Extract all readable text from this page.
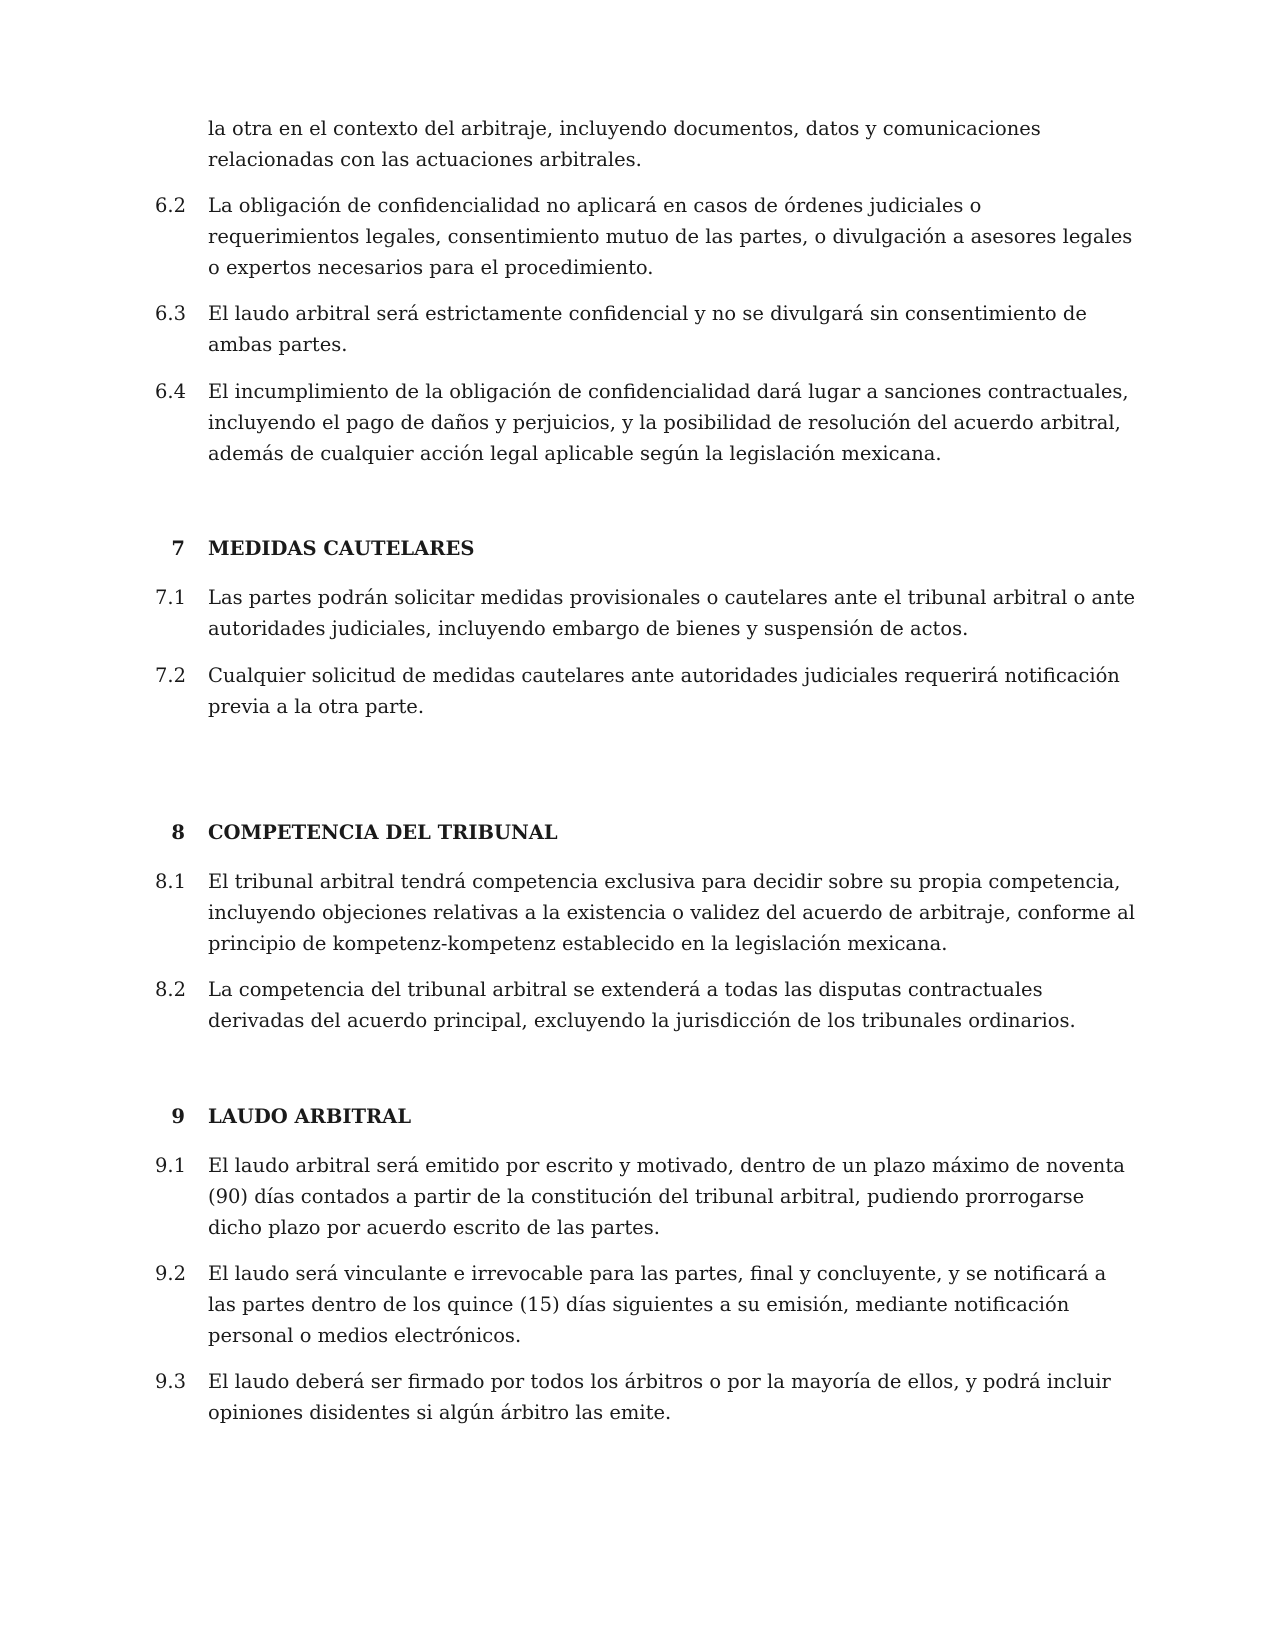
la otra en el contexto del arbitraje, incluyendo documentos, datos y comunicaciones relacionadas con las actuaciones arbitrales.
6.2 La obligación de confidencialidad no aplicará en casos de órdenes judiciales o requerimientos legales, consentimiento mutuo de las partes, o divulgación a asesores legales o expertos necesarios para el procedimiento.
6.3 El laudo arbitral será estrictamente confidencial y no se divulgará sin consentimiento de ambas partes.
6.4 El incumplimiento de la obligación de confidencialidad dará lugar a sanciones contractuales, incluyendo el pago de daños y perjuicios, y la posibilidad de resolución del acuerdo arbitral, además de cualquier acción legal aplicable según la legislación mexicana.
7 MEDIDAS CAUTELARES
7.1 Las partes podrán solicitar medidas provisionales o cautelares ante el tribunal arbitral o ante autoridades judiciales, incluyendo embargo de bienes y suspensión de actos.
7.2 Cualquier solicitud de medidas cautelares ante autoridades judiciales requerirá notificación previa a la otra parte.
8 COMPETENCIA DEL TRIBUNAL
8.1 El tribunal arbitral tendrá competencia exclusiva para decidir sobre su propia competencia, incluyendo objeciones relativas a la existencia o validez del acuerdo de arbitraje, conforme al principio de kompetenz-kompetenz establecido en la legislación mexicana.
8.2 La competencia del tribunal arbitral se extenderá a todas las disputas contractuales derivadas del acuerdo principal, excluyendo la jurisdicción de los tribunales ordinarios.
9 LAUDO ARBITRAL
9.1 El laudo arbitral será emitido por escrito y motivado, dentro de un plazo máximo de noventa (90) días contados a partir de la constitución del tribunal arbitral, pudiendo prorrogarse dicho plazo por acuerdo escrito de las partes.
9.2 El laudo será vinculante e irrevocable para las partes, final y concluyente, y se notificará a las partes dentro de los quince (15) días siguientes a su emisión, mediante notificación personal o medios electrónicos.
9.3 El laudo deberá ser firmado por todos los árbitros o por la mayoría de ellos, y podrá incluir opiniones disidentes si algún árbitro las emite.
